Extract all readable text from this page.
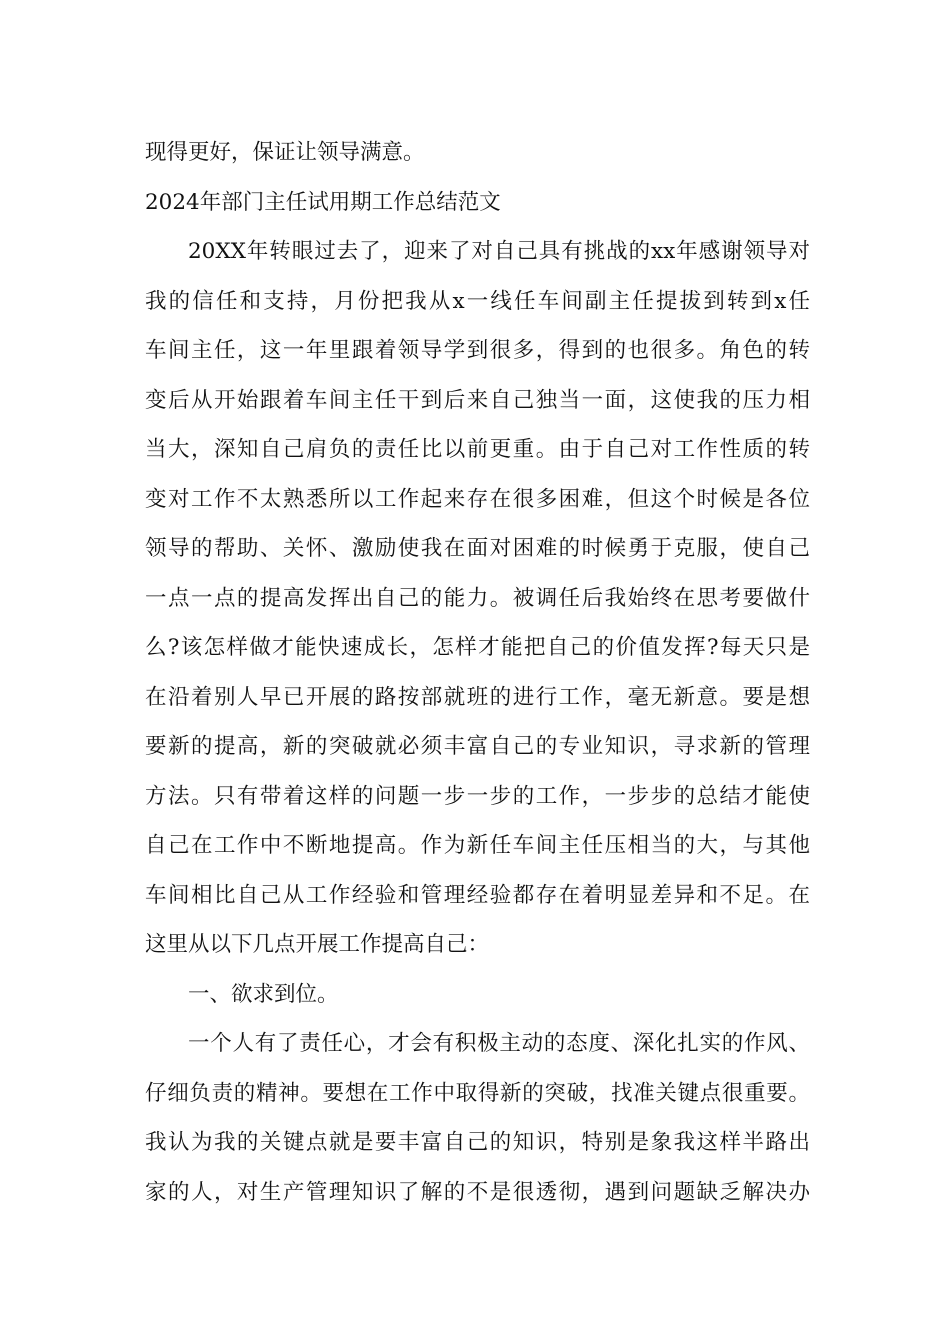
现得更好，保证让领导满意。
2024年部门主任试用期工作总结范文
20XX年转眼过去了，迎来了对自己具有挑战的xx年感谢领导对
我的信任和支持，月份把我从x一线任车间副主任提拔到转到x任
车间主任，这一年里跟着领导学到很多，得到的也很多。角色的转
变后从开始跟着车间主任干到后来自己独当一面，这使我的压力相
当大，深知自己肩负的责任比以前更重。由于自己对工作性质的转
变对工作不太熟悉所以工作起来存在很多困难，但这个时候是各位
领导的帮助、关怀、激励使我在面对困难的时候勇于克服，使自己
一点一点的提高发挥出自己的能力。被调任后我始终在思考要做什
么?该怎样做才能快速成长，怎样才能把自己的价值发挥?每天只是
在沿着别人早已开展的路按部就班的进行工作，毫无新意。要是想
要新的提高，新的突破就必须丰富自己的专业知识，寻求新的管理
方法。只有带着这样的问题一步一步的工作，一步步的总结才能使
自己在工作中不断地提高。作为新任车间主任压相当的大，与其他
车间相比自己从工作经验和管理经验都存在着明显差异和不足。在
这里从以下几点开展工作提高自己：
一、欲求到位。
一个人有了责任心，才会有积极主动的态度、深化扎实的作风、
仔细负责的精神。要想在工作中取得新的突破，找准关键点很重要。
我认为我的关键点就是要丰富自己的知识，特别是象我这样半路出
家的人，对生产管理知识了解的不是很透彻，遇到问题缺乏解决办
